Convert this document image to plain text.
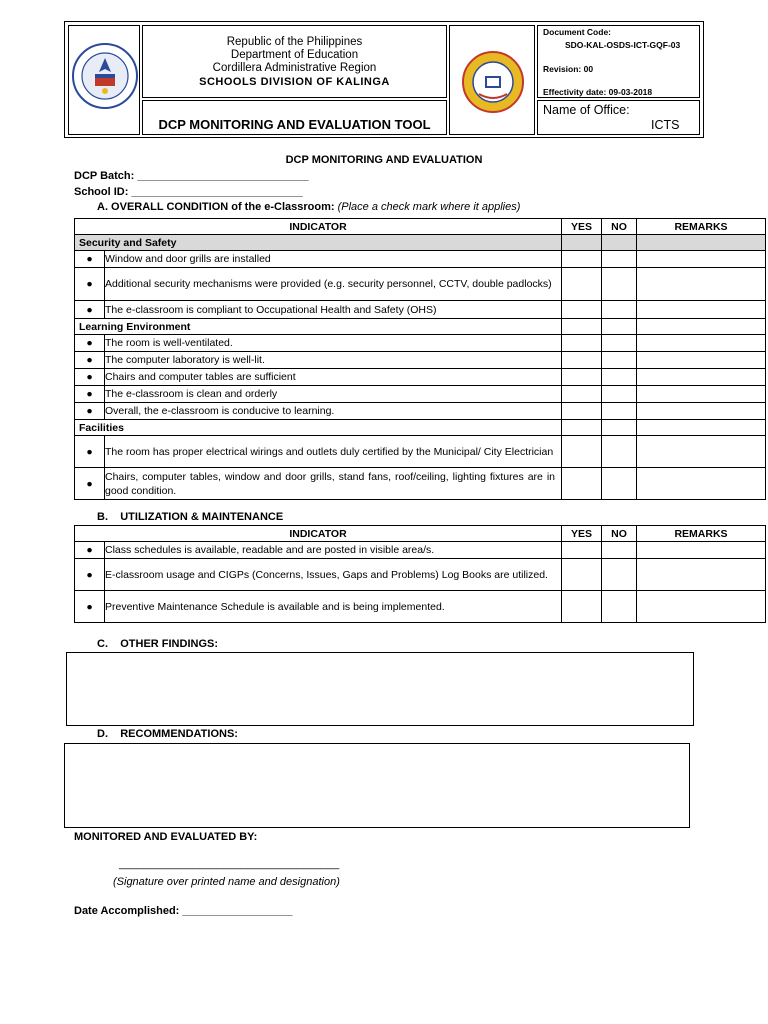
Republic of the Philippines
Department of Education
Cordillera Administrative Region
SCHOOLS DIVISION OF KALINGA
DCP MONITORING AND EVALUATION TOOL
Document Code:
SDO-KAL-OSDS-ICT-GQF-03
Revision: 00
Effectivity date: 09-03-2018
Name of Office:
ICTS
DCP MONITORING AND EVALUATION
DCP Batch: ____________________________
School ID: ____________________________
A. OVERALL CONDITION of the e-Classroom: (Place a check mark where it applies)
INDICATOR		YES	NO	REMARKS
Security and Safety				
●	Window and door grills are installed			
●	Additional security mechanisms were provided (e.g. security personnel, CCTV, double padlocks)			
●	The e-classroom is compliant to Occupational Health and Safety (OHS)			
Learning Environment				
●	The room is well-ventilated.			
●	The computer laboratory is well-lit.			
●	Chairs and computer tables are sufficient			
●	The e-classroom is clean and orderly			
●	Overall, the e-classroom is conducive to learning.			
Facilities				
●	The room has proper electrical wirings and outlets duly certified by the Municipal/ City Electrician			
●	Chairs, computer tables, window and door grills, stand fans, roof/ceiling, lighting fixtures are in good condition.			
B.    UTILIZATION & MAINTENANCE
INDICATOR		YES	NO	REMARKS
●	Class schedules is available, readable and are posted in visible area/s.			
●	E-classroom usage and CIGPs (Concerns, Issues, Gaps and Problems) Log Books are utilized.			
●	Preventive Maintenance Schedule is available and is being implemented.			
C.    OTHER FINDINGS:
D.    RECOMMENDATIONS:
MONITORED AND EVALUATED BY:
____________________________________
(Signature over printed name and designation)
Date Accomplished: __________________
